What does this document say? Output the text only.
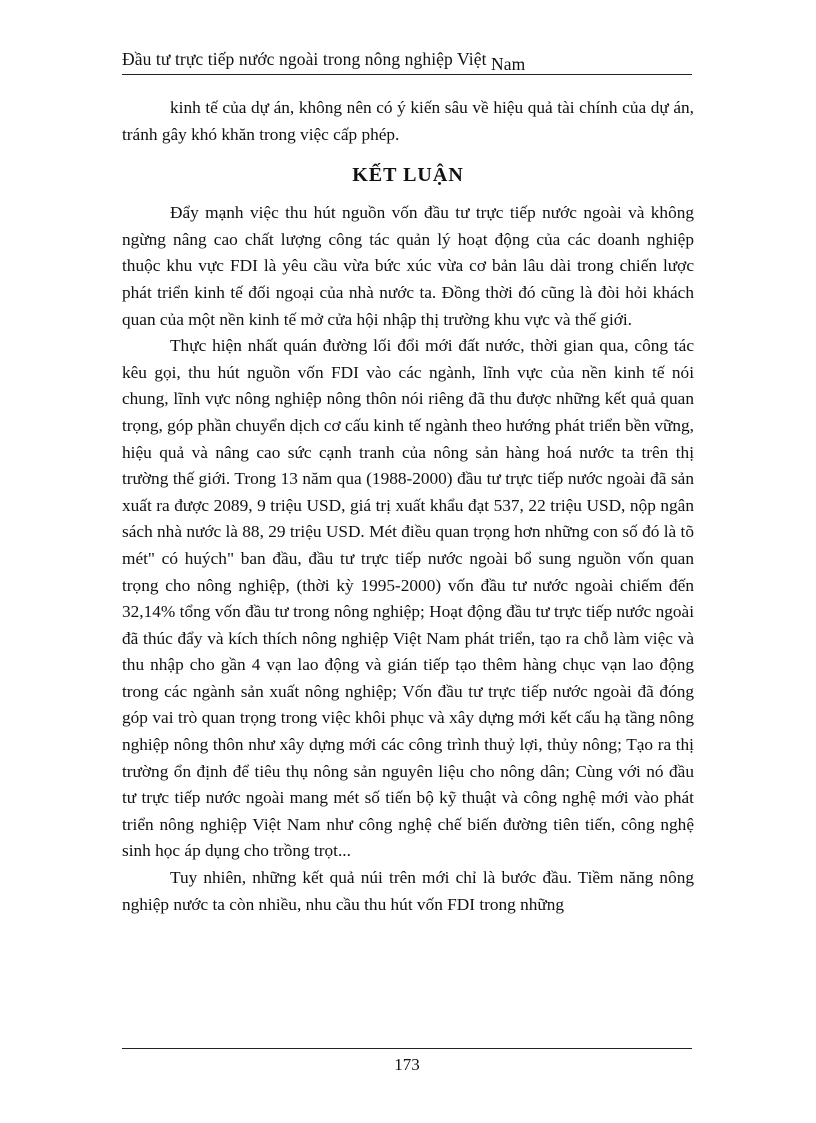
Đầu tư trực tiếp nước ngoài trong nông nghiệp Việt Nam

kinh tế của dự án, không nên có ý kiến sâu về hiệu quả tài chính của dự án, tránh gây khó khăn trong việc cấp phép.

KẾT LUẬN

Đẩy mạnh việc thu hút nguồn vốn đầu tư trực tiếp nước ngoài và không ngừng nâng cao chất lượng công tác quản lý hoạt động của các doanh nghiệp thuộc khu vực FDI là yêu cầu vừa bức xúc vừa cơ bản lâu dài trong chiến lược phát triển kinh tế đối ngoại của nhà nước ta. Đồng thời đó cũng là đòi hỏi khách quan của một nền kinh tế mở cửa hội nhập thị trường khu vực và thế giới.

Thực hiện nhất quán đường lối đổi mới đất nước, thời gian qua, công tác kêu gọi, thu hút nguồn vốn FDI vào các ngành, lĩnh vực của nền kinh tế nói chung, lĩnh vực nông nghiệp nông thôn nói riêng đã thu được những kết quả quan trọng, góp phần chuyển dịch cơ cấu kinh tế ngành theo hướng phát triển bền vững, hiệu quả và nâng cao sức cạnh tranh của nông sản hàng hoá nước ta trên thị trường thế giới. Trong 13 năm qua (1988-2000) đầu tư trực tiếp nước ngoài đã sản xuất ra được 2089, 9 triệu USD, giá trị xuất khẩu đạt 537, 22 triệu USD, nộp ngân sách nhà nước là 88, 29 triệu USD. Mét điều quan trọng hơn những con số đó là tõ mét" có huých" ban đầu, đầu tư trực tiếp nước ngoài bổ sung nguồn vốn quan trọng cho nông nghiệp, (thời kỳ 1995-2000) vốn đầu tư nước ngoài chiếm đến 32,14% tổng vốn đầu tư trong nông nghiệp; Hoạt động đầu tư trực tiếp nước ngoài đã thúc đẩy và kích thích nông nghiệp Việt Nam phát triển, tạo ra chỗ làm việc và thu nhập cho gần 4 vạn lao động và gián tiếp tạo thêm hàng chục vạn lao động trong các ngành sản xuất nông nghiệp; Vốn đầu tư trực tiếp nước ngoài đã đóng góp vai trò quan trọng trong việc khôi phục và xây dựng mới kết cấu hạ tầng nông nghiệp nông thôn như xây dựng mới các công trình thuỷ lợi, thủy nông; Tạo ra thị trường ổn định để tiêu thụ nông sản nguyên liệu cho nông dân; Cùng với nó đầu tư trực tiếp nước ngoài mang mét số tiến bộ kỹ thuật và công nghệ mới vào phát triển nông nghiệp Việt Nam như công nghệ chế biến đường tiên tiến, công nghệ sinh học áp dụng cho trồng trọt...

Tuy nhiên, những kết quả núi trên mới chỉ là bước đầu. Tiềm năng nông nghiệp nước ta còn nhiều, nhu cầu thu hút vốn FDI trong những

173
